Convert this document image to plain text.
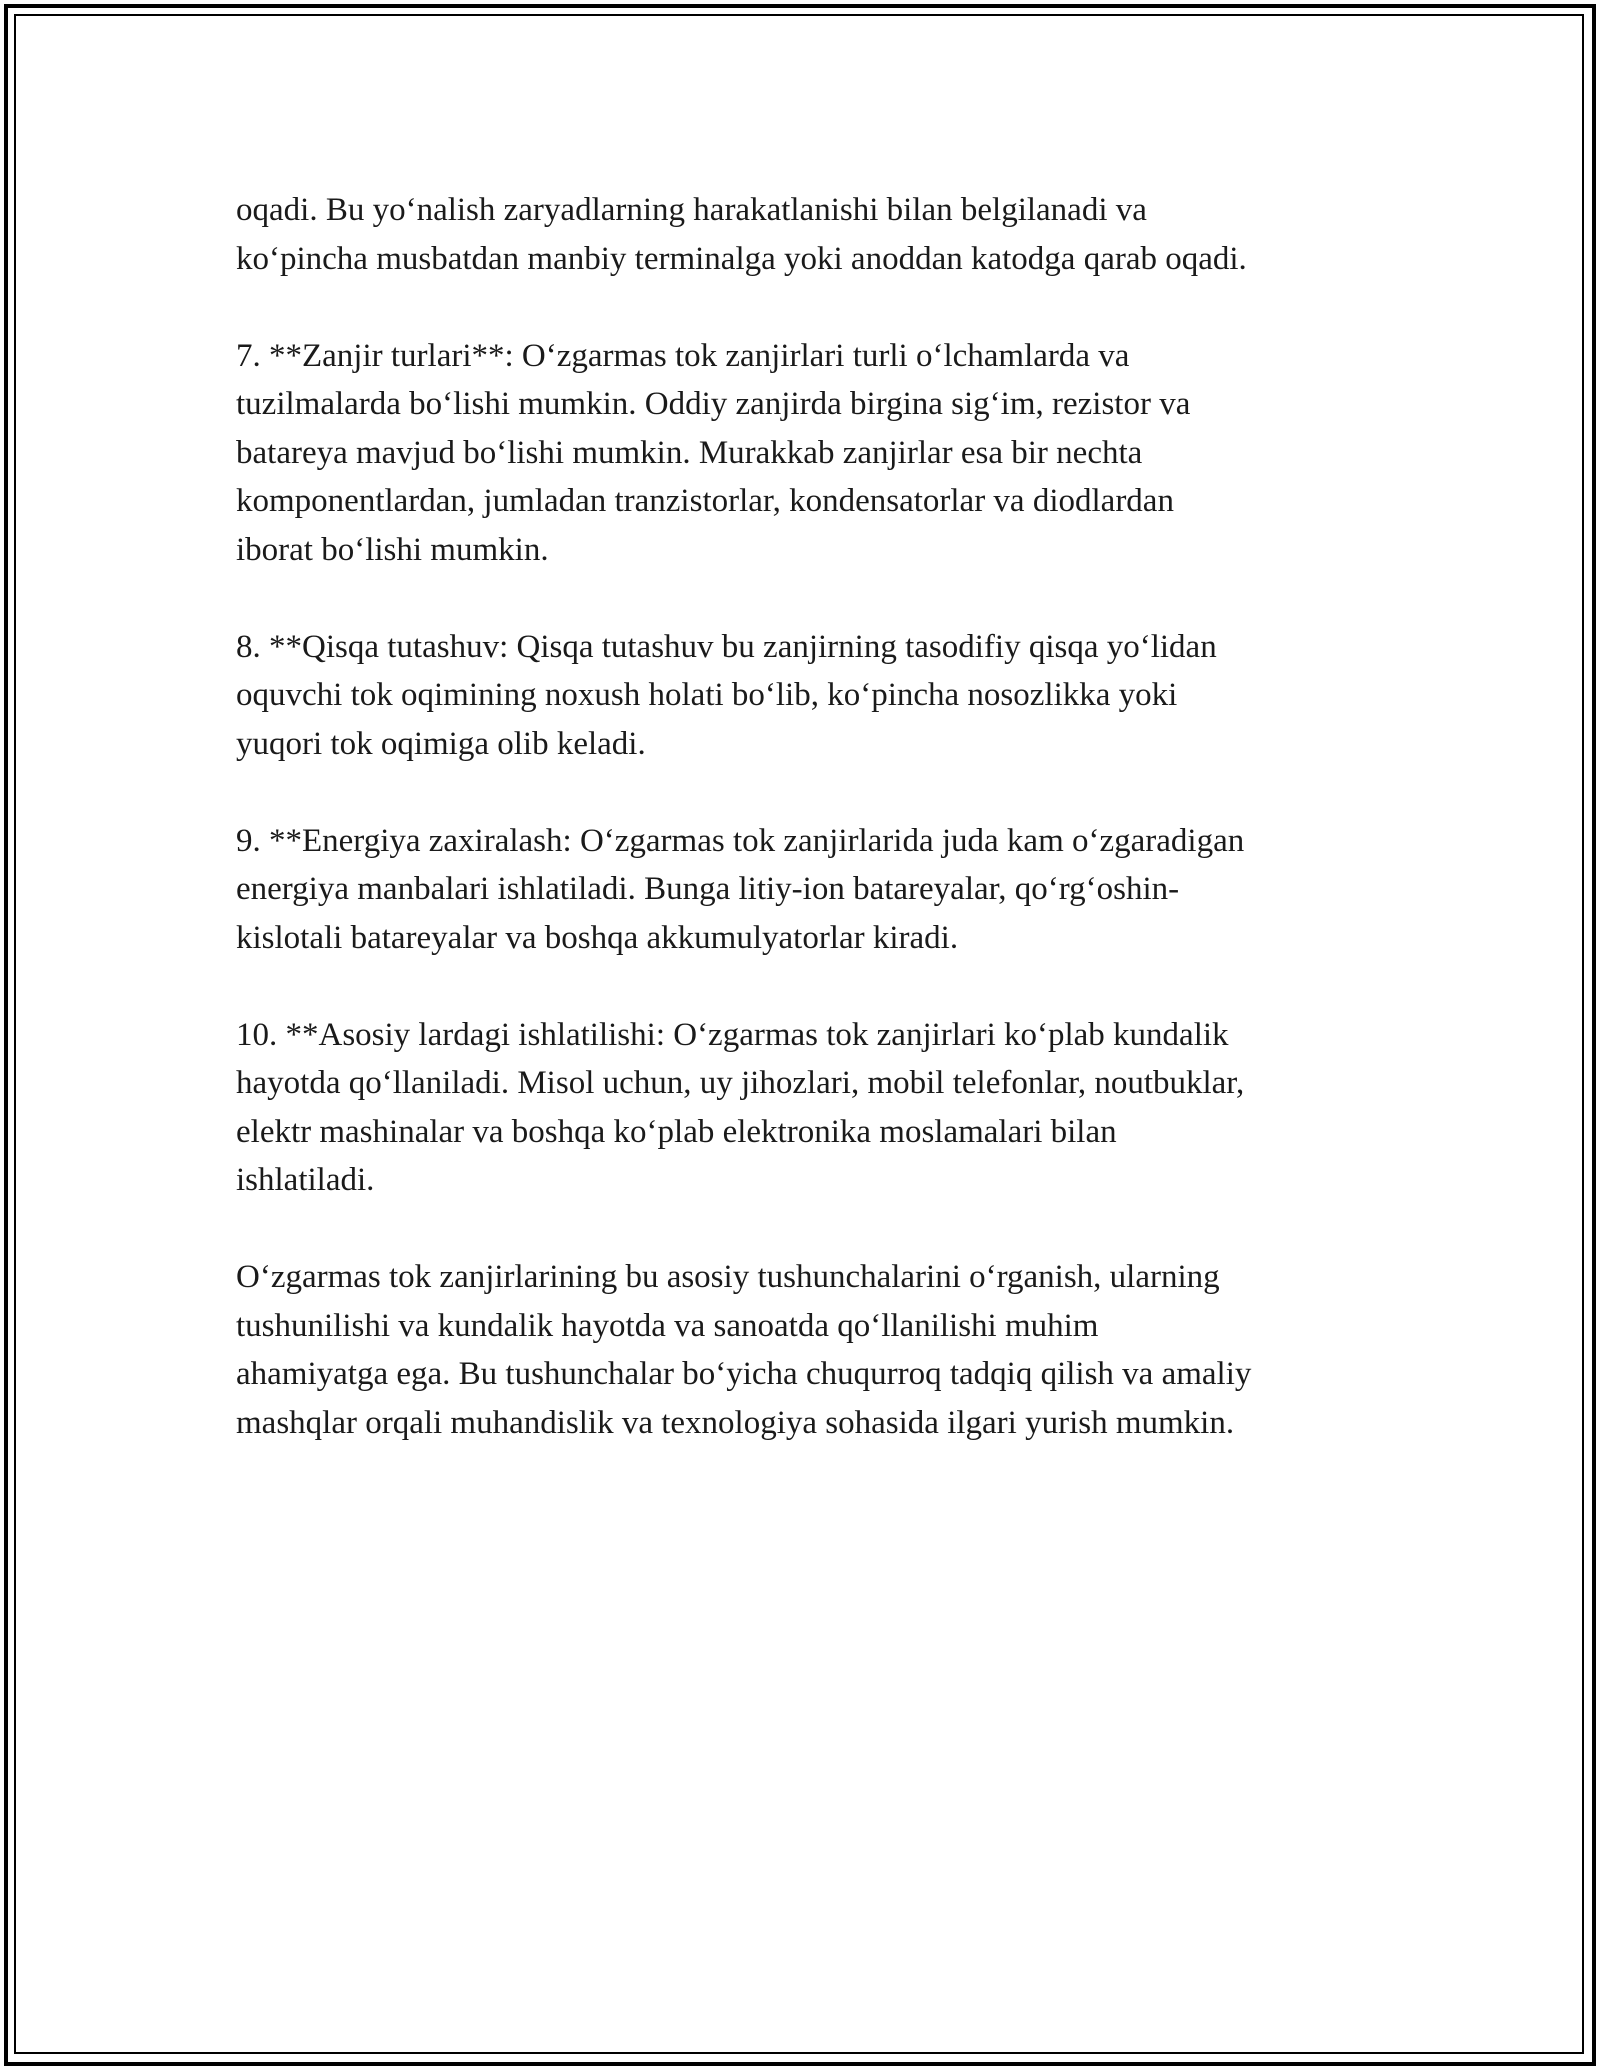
oqadi. Bu yo‘nalish zaryadlarning harakatlanishi bilan belgilanadi va
ko‘pincha musbatdan manbiy terminalga yoki anoddan katodga qarab oqadi.

7. **Zanjir turlari**: O‘zgarmas tok zanjirlari turli o‘lchamlarda va
tuzilmalarda bo‘lishi mumkin. Oddiy zanjirda birgina sig‘im, rezistor va
batareya mavjud bo‘lishi mumkin. Murakkab zanjirlar esa bir nechta
komponentlardan, jumladan tranzistorlar, kondensatorlar va diodlardan
iborat bo‘lishi mumkin.

8. **Qisqa tutashuv: Qisqa tutashuv bu zanjirning tasodifiy qisqa yo‘lidan
oquvchi tok oqimining noxush holati bo‘lib, ko‘pincha nosozlikka yoki
yuqori tok oqimiga olib keladi.

9. **Energiya zaxiralash: O‘zgarmas tok zanjirlarida juda kam o‘zgaradigan
energiya manbalari ishlatiladi. Bunga litiy-ion batareyalar, qo‘rg‘oshin-
kislotali batareyalar va boshqa akkumulyatorlar kiradi.

10. **Asosiy lardagi ishlatilishi: O‘zgarmas tok zanjirlari ko‘plab kundalik
hayotda qo‘llaniladi. Misol uchun, uy jihozlari, mobil telefonlar, noutbuklar,
elektr mashinalar va boshqa ko‘plab elektronika moslamalari bilan
ishlatiladi.

O‘zgarmas tok zanjirlarining bu asosiy tushunchalarini o‘rganish, ularning
tushunilishi va kundalik hayotda va sanoatda qo‘llanilishi muhim
ahamiyatga ega. Bu tushunchalar bo‘yicha chuqurroq tadqiq qilish va amaliy
mashqlar orqali muhandislik va texnologiya sohasida ilgari yurish mumkin.
